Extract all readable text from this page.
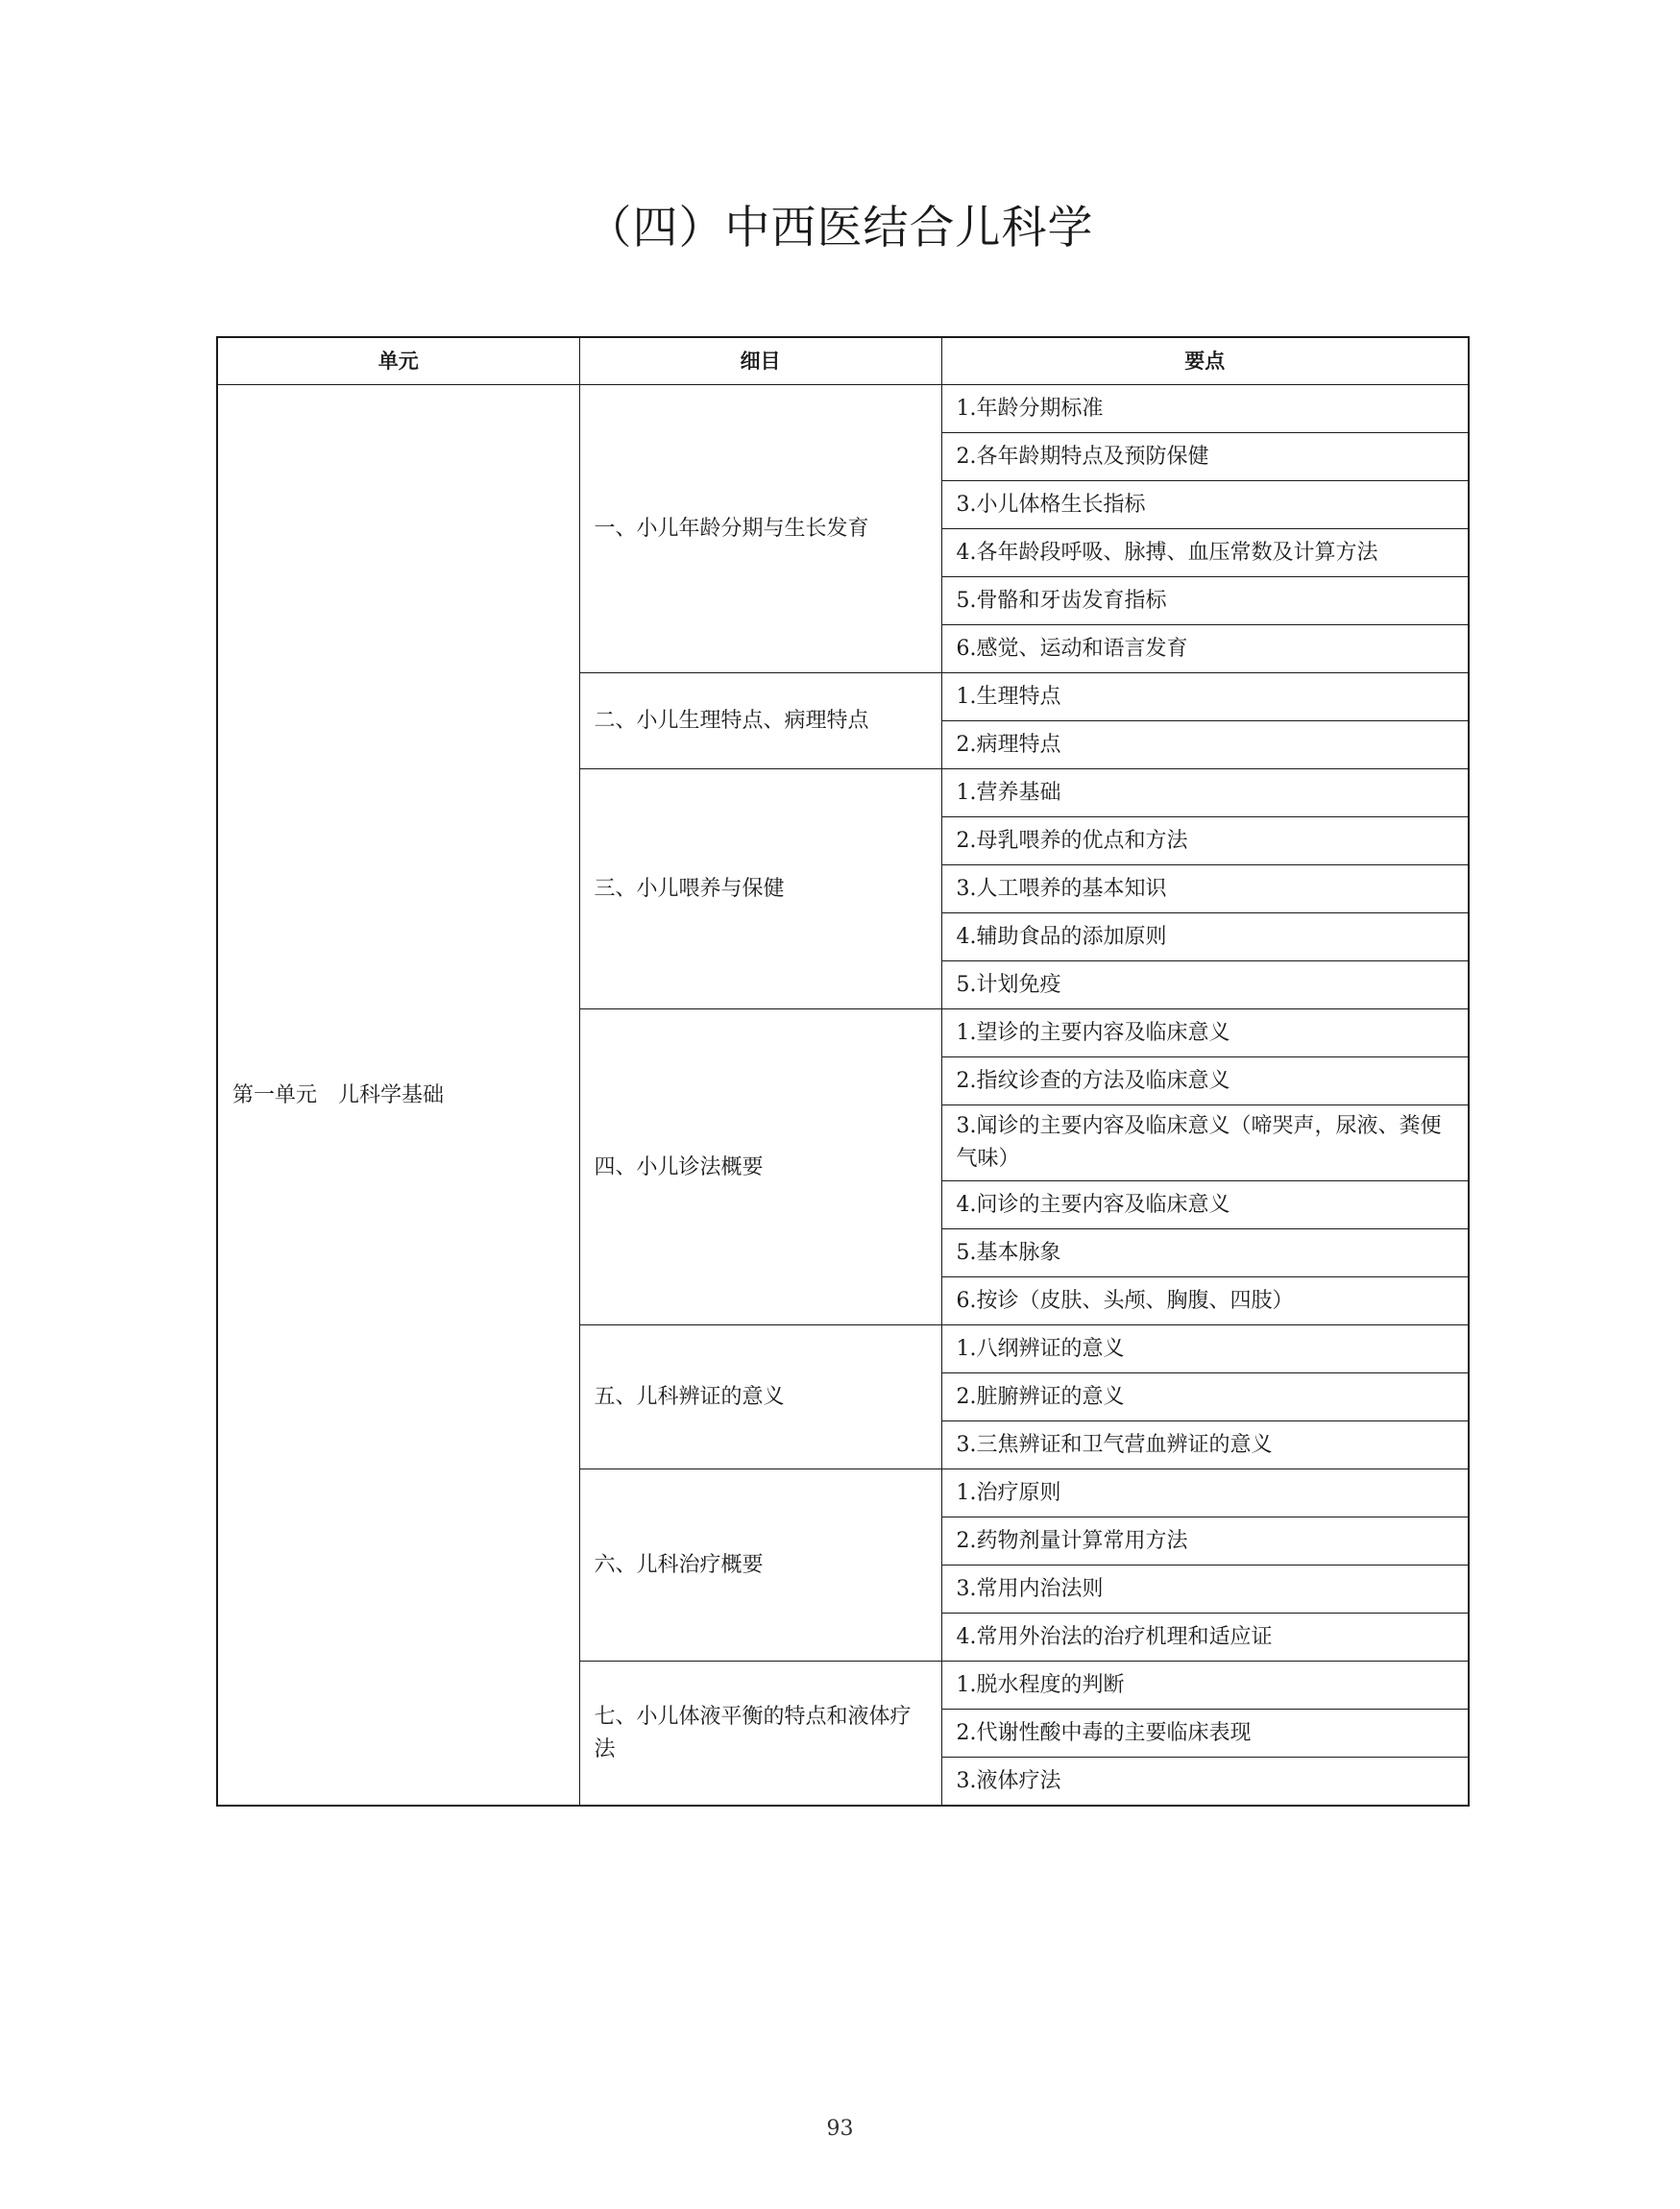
（四）中西医结合儿科学
单元	细目	要点
第一单元　儿科学基础	一、小儿年龄分期与生长发育	1.年龄分期标准
		2.各年龄期特点及预防保健
		3.小儿体格生长指标
		4.各年龄段呼吸、脉搏、血压常数及计算方法
		5.骨骼和牙齿发育指标
		6.感觉、运动和语言发育
	二、小儿生理特点、病理特点	1.生理特点
		2.病理特点
	三、小儿喂养与保健	1.营养基础
		2.母乳喂养的优点和方法
		3.人工喂养的基本知识
		4.辅助食品的添加原则
		5.计划免疫
	四、小儿诊法概要	1.望诊的主要内容及临床意义
		2.指纹诊查的方法及临床意义
		3.闻诊的主要内容及临床意义（啼哭声，尿液、粪便气味）
		4.问诊的主要内容及临床意义
		5.基本脉象
		6.按诊（皮肤、头颅、胸腹、四肢）
	五、儿科辨证的意义	1.八纲辨证的意义
		2.脏腑辨证的意义
		3.三焦辨证和卫气营血辨证的意义
	六、儿科治疗概要	1.治疗原则
		2.药物剂量计算常用方法
		3.常用内治法则
		4.常用外治法的治疗机理和适应证
	七、小儿体液平衡的特点和液体疗法	1.脱水程度的判断
		2.代谢性酸中毒的主要临床表现
		3.液体疗法
93
